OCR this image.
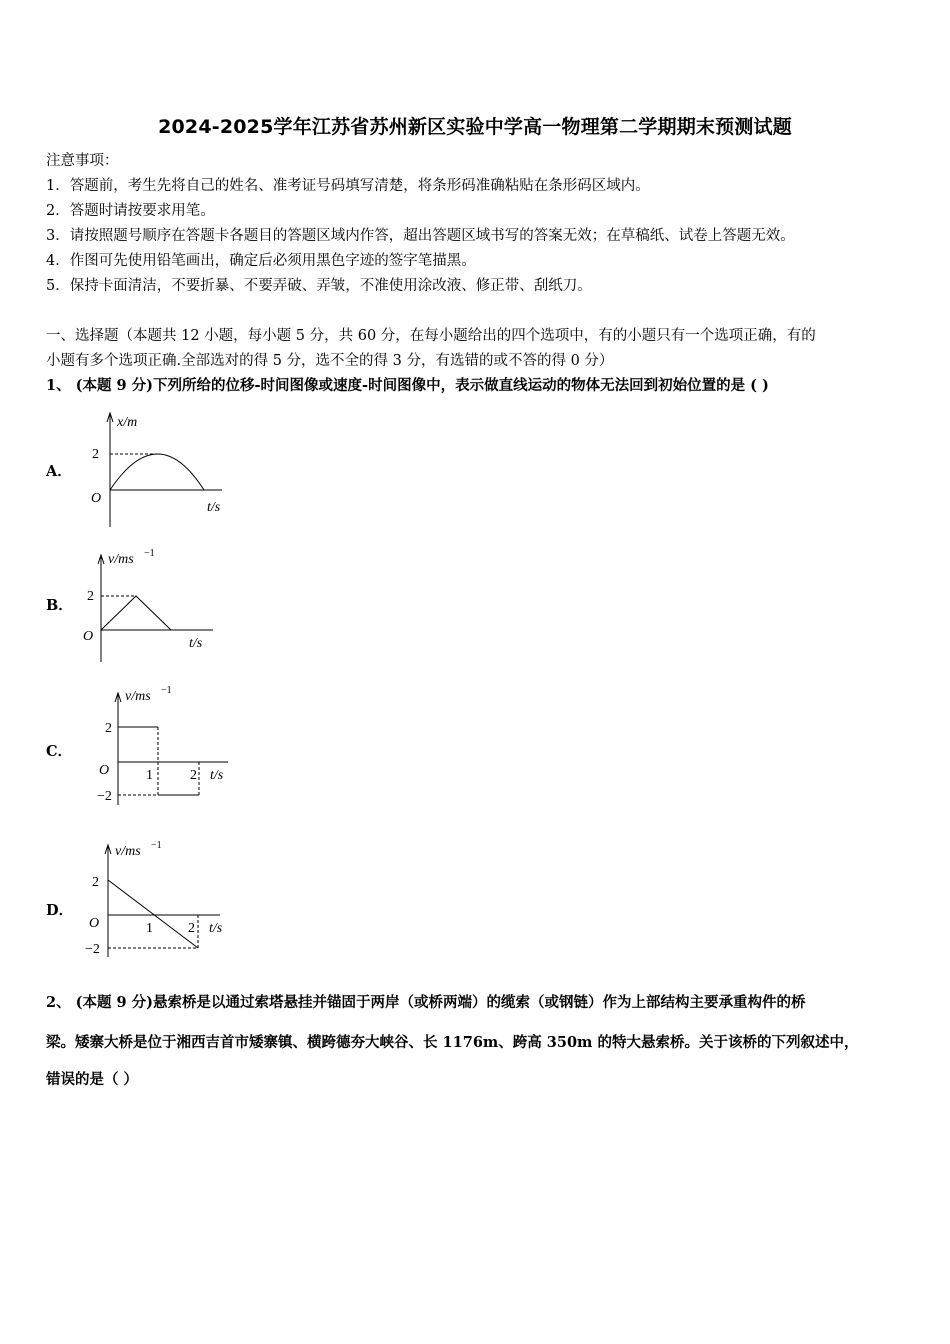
2024-2025学年江苏省苏州新区实验中学高一物理第二学期期末预测试题
注意事项：
1．答题前，考生先将自己的姓名、准考证号码填写清楚，将条形码准确粘贴在条形码区域内。
2．答题时请按要求用笔。
3．请按照题号顺序在答题卡各题目的答题区域内作答，超出答题区域书写的答案无效；在草稿纸、试卷上答题无效。
4．作图可先使用铅笔画出，确定后必须用黑色字迹的签字笔描黑。
5．保持卡面清洁，不要折暴、不要弄破、弄皱，不准使用涂改液、修正带、刮纸刀。
一、选择题（本题共 12 小题，每小题 5 分，共 60 分，在每小题给出的四个选项中，有的小题只有一个选项正确，有的
小题有多个选项正确.全部选对的得 5 分，选不全的得 3 分，有选错的或不答的得 0 分）
1、 (本题 9 分)下列所给的位移-时间图像或速度-时间图像中，表示做直线运动的物体无法回到初始位置的是 ( )
A．
x/m
2
O
t/s
B．
v/ms −1
2
O	t/s
C．
v/ms −1
2
−2
O	1	2 t/s
D．
v/ms −1
2
−2
O	1	2 t/s
2、 (本题 9 分)悬索桥是以通过索塔悬挂并锚固于两岸（或桥两端）的缆索（或钢链）作为上部结构主要承重构件的桥
梁。矮寨大桥是位于湘西吉首市矮寨镇、横跨德夯大峡谷、长 1176m、跨高 350m 的特大悬索桥。关于该桥的下列叙述中，
错误的是（ ）
